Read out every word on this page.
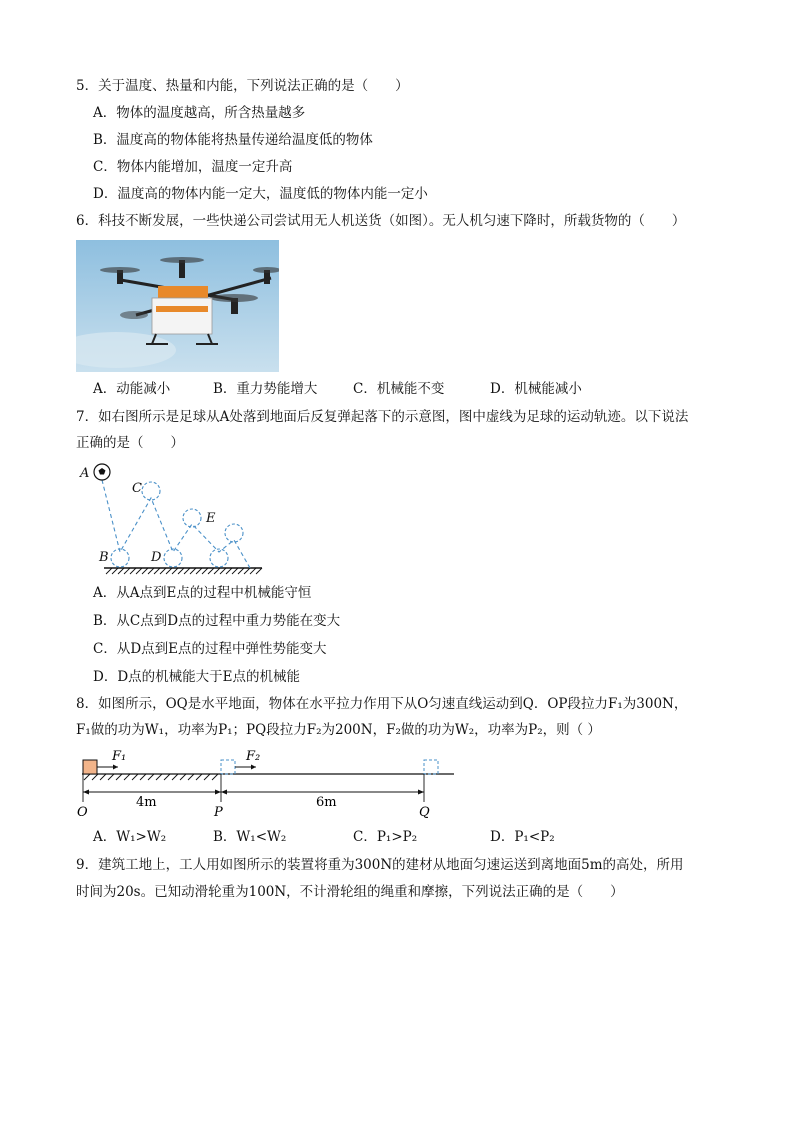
5．关于温度、热量和内能，下列说法正确的是（　　）
A．物体的温度越高，所含热量越多
B．温度高的物体能将热量传递给温度低的物体
C．物体内能增加，温度一定升高
D．温度高的物体内能一定大，温度低的物体内能一定小
6．科技不断发展，一些快递公司尝试用无人机送货（如图）。无人机匀速下降时，所载货物的（　　）
A．动能减小	B．重力势能增大	C．机械能不变	D．机械能减小
7．如右图所示是足球从A处落到地面后反复弹起落下的示意图，图中虚线为足球的运动轨迹。以下说法
正确的是（　　）
A
C
E
B	D
A．从A点到E点的过程中机械能守恒
B．从C点到D点的过程中重力势能在变大
C．从D点到E点的过程中弹性势能变大
D．D点的机械能大于E点的机械能
8．如图所示，OQ是水平地面，物体在水平拉力作用下从O匀速直线运动到Q．OP段拉力F₁为300N，
F₁做的功为W₁，功率为P₁；PQ段拉力F₂为200N，F₂做的功为W₂，功率为P₂，则（ ）
F₁	F₂
4m	6m
O	P	Q
A．W₁>W₂	B．W₁<W₂	C．P₁>P₂	D．P₁<P₂
9．建筑工地上，工人用如图所示的装置将重为300N的建材从地面匀速运送到离地面5m的高处，所用
时间为20s。已知动滑轮重为100N，不计滑轮组的绳重和摩擦，下列说法正确的是（　　）
